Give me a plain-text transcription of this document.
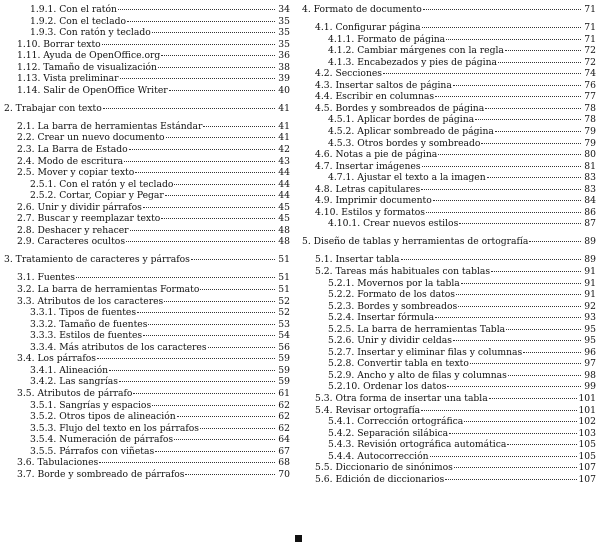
1.9.1. Con el ratón	34
1.9.2. Con el teclado	35
1.9.3. Con ratón y teclado	35
1.10. Borrar texto	35
1.11. Ayuda de OpenOffice.org	36
1.12. Tamaño de visualización	38
1.13. Vista preliminar	39
1.14. Salir de OpenOffice Writer	40
2. Trabajar con texto	41
2.1. La barra de herramientas Estándar	41
2.2. Crear un nuevo documento	41
2.3. La Barra de Estado	42
2.4. Modo de escritura	43
2.5. Mover y copiar texto	44
2.5.1. Con el ratón y el teclado	44
2.5.2. Cortar, Copiar y Pegar	44
2.6. Unir y dividir párrafos	45
2.7. Buscar y reemplazar texto	45
2.8. Deshacer y rehacer	48
2.9. Caracteres ocultos	48
3. Tratamiento de caracteres y párrafos	51
3.1. Fuentes	51
3.2. La barra de herramientas Formato	51
3.3. Atributos de los caracteres	52
3.3.1. Tipos de fuentes	52
3.3.2. Tamaño de fuentes	53
3.3.3. Estilos de fuentes	54
3.3.4. Más atributos de los caracteres	56
3.4. Los párrafos	59
3.4.1. Alineación	59
3.4.2. Las sangrías	59
3.5. Atributos de párrafo	61
3.5.1. Sangrías y espacios	62
3.5.2. Otros tipos de alineación	62
3.5.3. Flujo del texto en los párrafos	62
3.5.4. Numeración de párrafos	64
3.5.5. Párrafos con viñetas	67
3.6. Tabulaciones	68
3.7. Borde y sombreado de párrafos	70
4. Formato de documento	71
4.1. Configurar página	71
4.1.1. Formato de página	71
4.1.2. Cambiar márgenes con la regla	72
4.1.3. Encabezados y pies de página	72
4.2. Secciones	74
4.3. Insertar saltos de página	76
4.4. Escribir en columnas	77
4.5. Bordes y sombreados de página	78
4.5.1. Aplicar bordes de página	78
4.5.2. Aplicar sombreado de página	79
4.5.3. Otros bordes y sombreado	79
4.6. Notas a pie de página	80
4.7. Insertar imágenes	81
4.7.1. Ajustar el texto a la imagen	83
4.8. Letras capitulares	83
4.9. Imprimir documento	84
4.10. Estilos y formatos	86
4.10.1. Crear nuevos estilos	87
5. Diseño de tablas y herramientas de ortografía	89
5.1. Insertar tabla	89
5.2. Tareas más habituales con tablas	91
5.2.1. Movernos por la tabla	91
5.2.2. Formato de los datos	91
5.2.3. Bordes y sombreados	92
5.2.4. Insertar fórmula	93
5.2.5. La barra de herramientas Tabla	95
5.2.6. Unir y dividir celdas	95
5.2.7. Insertar y eliminar filas y columnas	96
5.2.8. Convertir tabla en texto	97
5.2.9. Ancho y alto de filas y columnas	98
5.2.10. Ordenar los datos	99
5.3. Otra forma de insertar una tabla	101
5.4. Revisar ortografía	101
5.4.1. Corrección ortográfica	102
5.4.2. Separación silábica	103
5.4.3. Revisión ortográfica automática	105
5.4.4. Autocorrección	105
5.5. Diccionario de sinónimos	107
5.6. Edición de diccionarios	107
